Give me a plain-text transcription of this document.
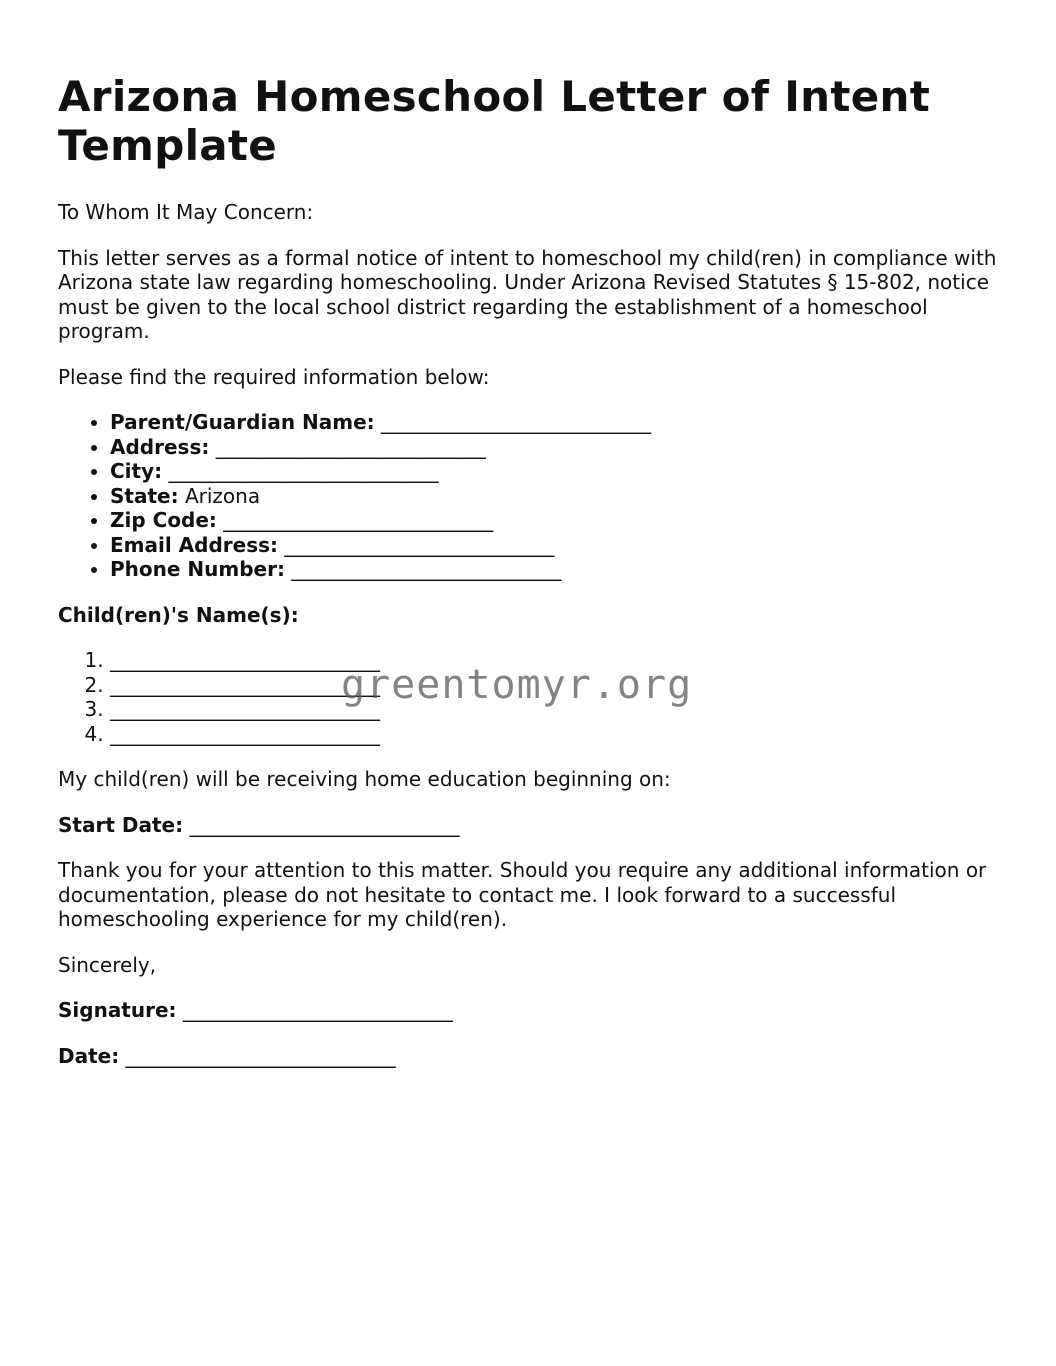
Arizona Homeschool Letter of Intent Template

To Whom It May Concern:

This letter serves as a formal notice of intent to homeschool my child(ren) in compliance with Arizona state law regarding homeschooling. Under Arizona Revised Statutes § 15-802, notice must be given to the local school district regarding the establishment of a homeschool program.

Please find the required information below:

• Parent/Guardian Name: ___________________________
• Address: ___________________________
• City: ___________________________
• State: Arizona
• Zip Code: ___________________________
• Email Address: ___________________________
• Phone Number: ___________________________

Child(ren)'s Name(s):

1. ___________________________
2. ___________________________
3. ___________________________
4. ___________________________

My child(ren) will be receiving home education beginning on:

Start Date: ___________________________

Thank you for your attention to this matter. Should you require any additional information or documentation, please do not hesitate to contact me. I look forward to a successful homeschooling experience for my child(ren).

Sincerely,

Signature: ___________________________

Date: ___________________________

greentomyr.org
